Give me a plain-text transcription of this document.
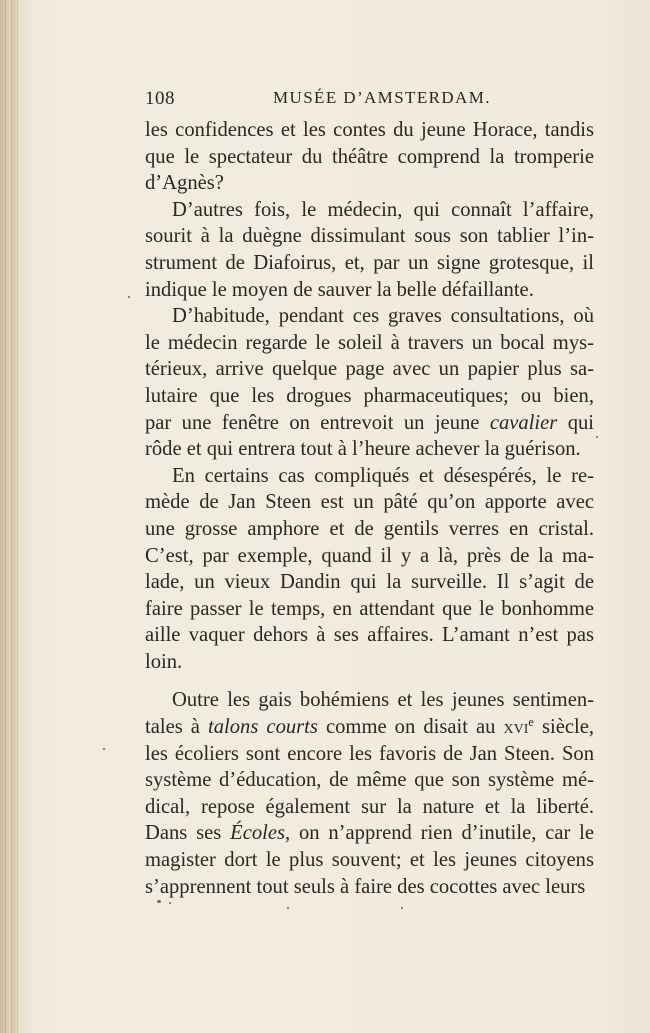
108	MUSÉE D’AMSTERDAM.

les confidences et les contes du jeune Horace, tandis
que le spectateur du théâtre comprend la tromperie
d’Agnès?

D’autres fois, le médecin, qui connaît l’affaire,
sourit à la duègne dissimulant sous son tablier l’in-
strument de Diafoirus, et, par un signe grotesque, il
indique le moyen de sauver la belle défaillante.

D’habitude, pendant ces graves consultations, où
le médecin regarde le soleil à travers un bocal mys-
térieux, arrive quelque page avec un papier plus sa-
lutaire que les drogues pharmaceutiques; ou bien,
par une fenêtre on entrevoit un jeune cavalier qui
rôde et qui entrera tout à l’heure achever la guérison.

En certains cas compliqués et désespérés, le re-
mède de Jan Steen est un pâté qu’on apporte avec
une grosse amphore et de gentils verres en cristal.
C’est, par exemple, quand il y a là, près de la ma-
lade, un vieux Dandin qui la surveille. Il s’agit de
faire passer le temps, en attendant que le bonhomme
aille vaquer dehors à ses affaires. L’amant n’est pas
loin.

Outre les gais bohémiens et les jeunes sentimen-
tales à talons courts comme on disait au xvi$^e$ siècle,
les écoliers sont encore les favoris de Jan Steen. Son
système d’éducation, de même que son système mé-
dical, repose également sur la nature et la liberté.
Dans ses Écoles, on n’apprend rien d’inutile, car le
magister dort le plus souvent; et les jeunes citoyens
s’apprennent tout seuls à faire des cocottes avec leurs
